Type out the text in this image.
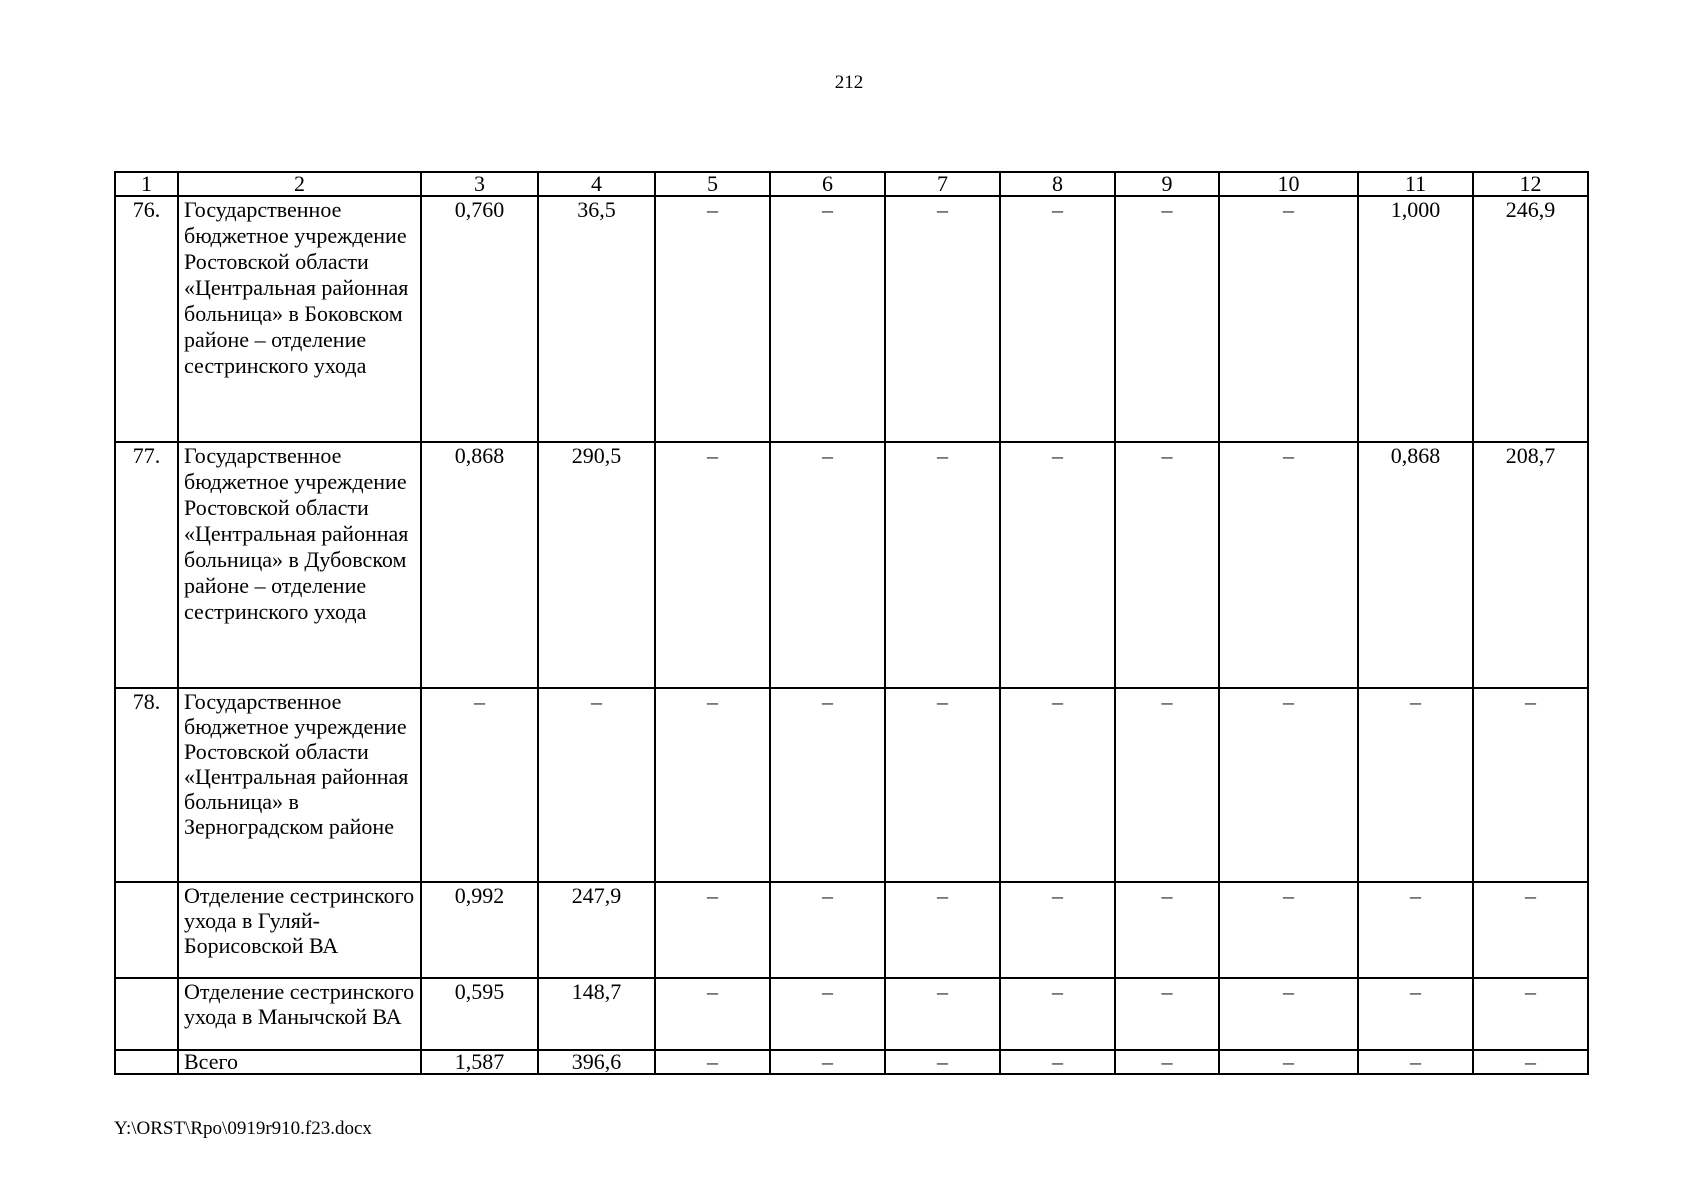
212
1	2	3	4	5	6	7	8	9	10	11	12
76.	Государственное бюджетное учреждение Ростовской области «Центральная районная больница» в Боковском районе – отделение сестринского ухода	0,760	36,5	–	–	–	–	–	–	1,000	246,9
77.	Государственное бюджетное учреждение Ростовской области «Центральная районная больница» в Дубовском районе – отделение сестринского ухода	0,868	290,5	–	–	–	–	–	–	0,868	208,7
78.	Государственное бюджетное учреждение Ростовской области «Центральная районная больница» в Зерноградском районе	–	–	–	–	–	–	–	–	–	–
	Отделение сестринского ухода в Гуляй-Борисовской ВА	0,992	247,9	–	–	–	–	–	–	–	–
	Отделение сестринского ухода в Манычской ВА	0,595	148,7	–	–	–	–	–	–	–	–
	Всего	1,587	396,6	–	–	–	–	–	–	–	–
Y:\ORST\Rpo\0919r910.f23.docx
